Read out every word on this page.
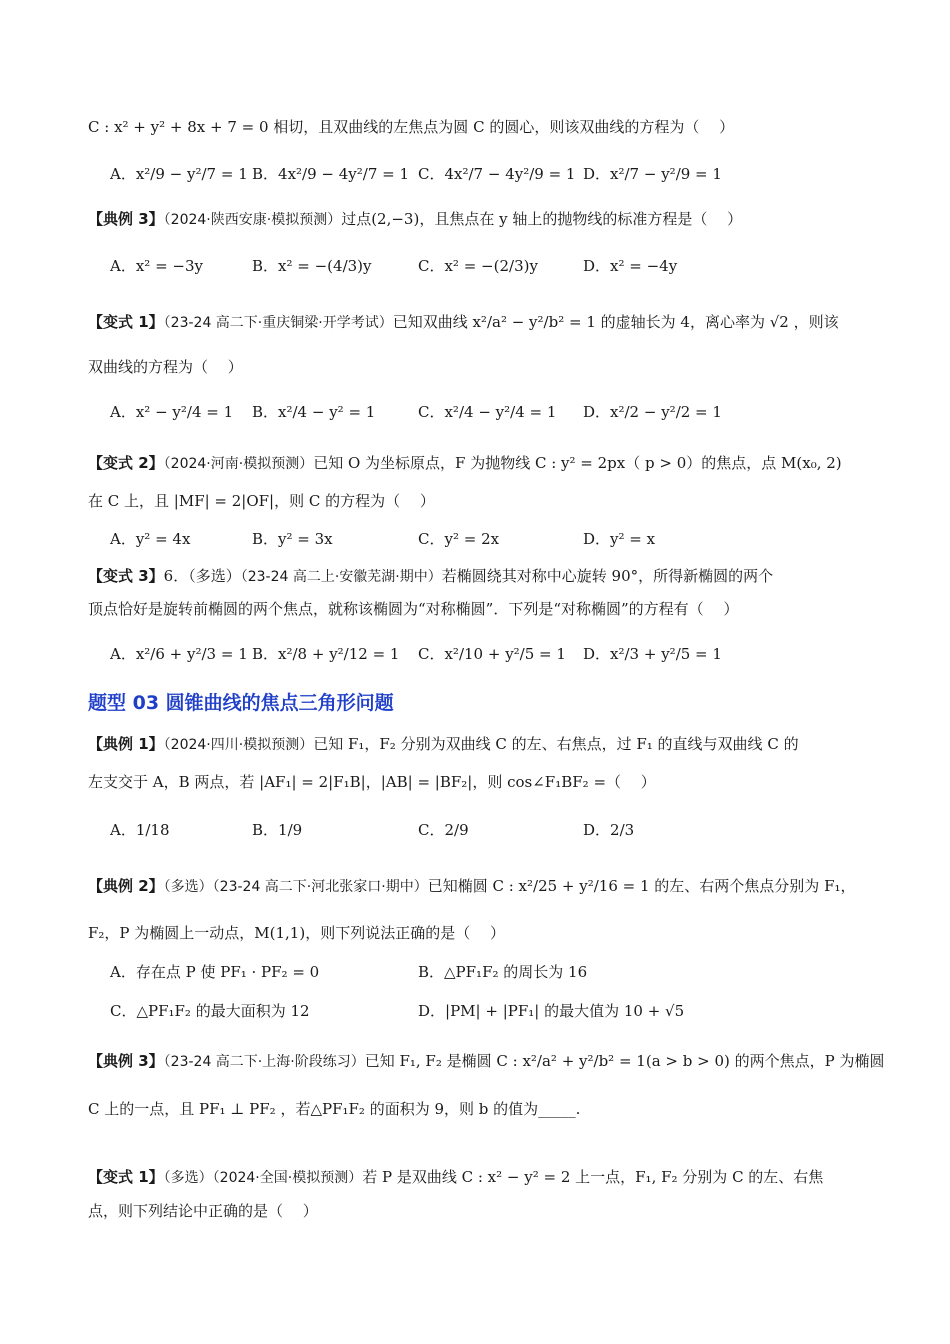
C : x² + y² + 8x + 7 = 0 相切，且双曲线的左焦点为圆 C 的圆心，则该双曲线的方程为（　 ）
A．x²/9 − y²/7 = 1 B．4x²/9 − 4y²/7 = 1 C．4x²/7 − 4y²/9 = 1 D．x²/7 − y²/9 = 1
【典例 3】（2024·陕西安康·模拟预测）过点(2,−3)，且焦点在 y 轴上的抛物线的标准方程是（　 ）
A．x² = −3y	B．x² = −(4/3)y	C．x² = −(2/3)y	D．x² = −4y
【变式 1】（23-24 高二下·重庆铜梁·开学考试）已知双曲线 x²/a² − y²/b² = 1 的虚轴长为 4，离心率为 √2 ，则该
双曲线的方程为（　 ）
A．x² − y²/4 = 1 B．x²/4 − y² = 1	C．x²/4 − y²/4 = 1 D．x²/2 − y²/2 = 1
【变式 2】（2024·河南·模拟预测）已知 O 为坐标原点，F 为抛物线 C : y² = 2px（ p > 0）的焦点，点 M(x₀, 2)
在 C 上，且 |MF| = 2|OF|，则 C 的方程为（　 ）
A．y² = 4x	B．y² = 3x	C．y² = 2x	D．y² = x
【变式 3】6．（多选）（23-24 高二上·安徽芜湖·期中）若椭圆绕其对称中心旋转 90°，所得新椭圆的两个
顶点恰好是旋转前椭圆的两个焦点，就称该椭圆为“对称椭圆”．下列是“对称椭圆”的方程有（　 ）
A．x²/6 + y²/3 = 1 B．x²/8 + y²/12 = 1 C．x²/10 + y²/5 = 1 D．x²/3 + y²/5 = 1
题型 03 圆锥曲线的焦点三角形问题
【典例 1】（2024·四川·模拟预测）已知 F₁，F₂ 分别为双曲线 C 的左、右焦点，过 F₁ 的直线与双曲线 C 的
左支交于 A，B 两点，若 |AF₁| = 2|F₁B|，|AB| = |BF₂|，则 cos∠F₁BF₂ =（　 ）
A．1/18	B．1/9	C．2/9	D．2/3
【典例 2】（多选）（23-24 高二下·河北张家口·期中）已知椭圆 C : x²/25 + y²/16 = 1 的左、右两个焦点分别为 F₁，
F₂，P 为椭圆上一动点，M(1,1)，则下列说法正确的是（　 ）
A．存在点 P 使 PF₁ · PF₂ = 0	B．△PF₁F₂ 的周长为 16
C．△PF₁F₂ 的最大面积为 12	D．|PM| + |PF₁| 的最大值为 10 + √5
【典例 3】（23-24 高二下·上海·阶段练习）已知 F₁, F₂ 是椭圆 C : x²/a² + y²/b² = 1(a > b > 0) 的两个焦点，P 为椭圆
C 上的一点，且 PF₁ ⊥ PF₂ ，若△PF₁F₂ 的面积为 9，则 b 的值为_____.
【变式 1】（多选）（2024·全国·模拟预测）若 P 是双曲线 C : x² − y² = 2 上一点，F₁, F₂ 分别为 C 的左、右焦
点，则下列结论中正确的是（　 ）
